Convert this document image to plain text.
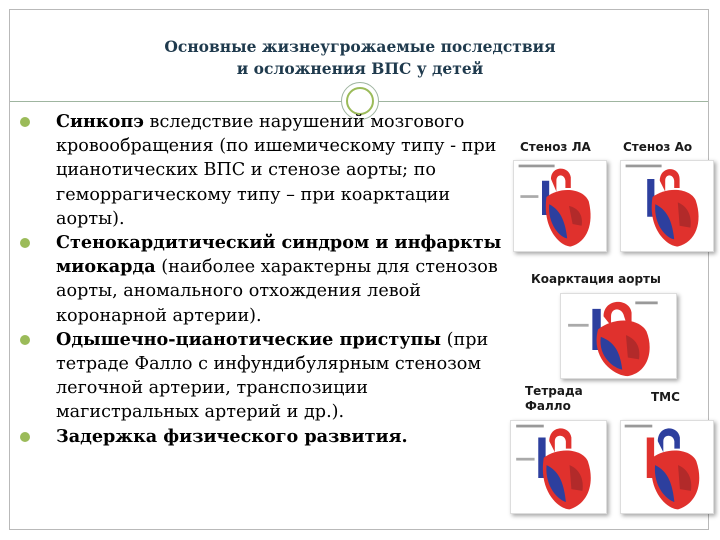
Основные жизнеугрожаемые последствия
и осложнения ВПС у детей
Синкопэ вследствие нарушений мозгового кровообращения (по ишемическому типу - при цианотических ВПС и стенозе аорты; по геморрагическому типу – при коарктации аорты).
Стенокардитический синдром и инфаркты миокарда (наиболее характерны для стенозов аорты, аномального отхождения левой коронарной артерии).
Одышечно-цианотические приступы (при тетраде Фалло с инфундибулярным стенозом легочной артерии, транспозиции магистральных артерий и др.).
Задержка физического развития.
Стеноз ЛА	Стеноз Ао
Коарктация аорты
Тетрада
Фалло
ТМС
